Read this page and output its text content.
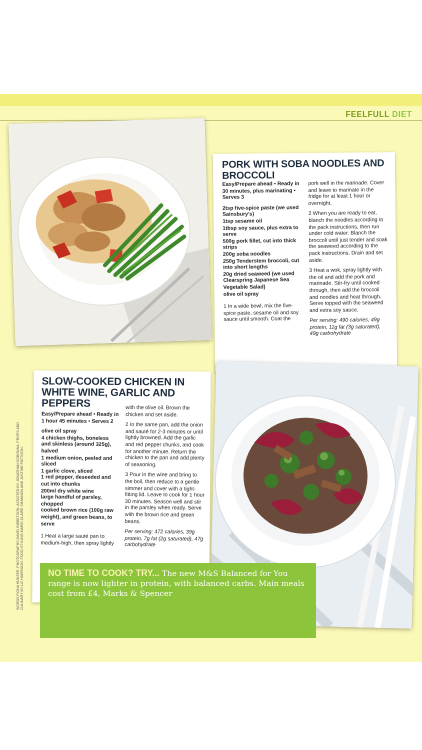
FEELFULL DIET
PORK WITH SOBA NOODLES AND BROCCOLI

Easy/Prepare ahead • Ready in 30 minutes, plus marinating • Serves 3

2tsp five-spice paste (we used Sainsbury's)

1tsp sesame oil

1tbsp soy sauce, plus extra to serve

500g pork fillet, cut into thick strips

200g soba noodles

250g Tenderstem broccoli, cut into short lengths

20g dried seaweed (we used Clearspring Japanese Sea Vegetable Salad)

olive oil spray

1 In a wide bowl, mix the five-spice paste, sesame oil and soy sauce until smooth. Coat the

pork well in the marinade. Cover and leave to marinate in the fridge for at least 1 hour or overnight.

2 When you are ready to eat, blanch the noodles according to the pack instructions, then run under cold water. Blanch the broccoli until just tender and soak the seaweed according to the pack instructions. Drain and set aside.

3 Heat a wok, spray lightly with the oil and add the pork and marinade. Stir-fry until cooked through, then add the broccoli and noodles and heat through. Serve topped with the seaweed and extra soy sauce.

Per serving: 490 calories, 49g protein, 11g fat (3g saturated), 49g carbohydrate

SLOW-COOKED CHICKEN IN WHITE WINE, GARLIC AND PEPPERS

Easy/Prepare ahead • Ready in 1 hour 45 minutes • Serves 2

olive oil spray

4 chicken thighs, boneless and skinless (around 325g), halved

1 medium onion, peeled and sliced

1 garlic clove, sliced

1 red pepper, deseeded and cut into chunks

200ml dry white wine

large handful of parsley, chopped

cooked brown rice (100g raw weight), and green beans, to serve

1 Heat a large sauté pan to medium-high, then spray lightly

with the olive oil. Brown the chicken and set aside.

2 In the same pan, add the onion and sauté for 2-3 minutes or until lightly browned. Add the garlic and red pepper chunks, and cook for another minute. Return the chicken to the pan and add plenty of seasoning.

3 Pour in the wine and bring to the boil, then reduce to a gentle simmer and cover with a tight-fitting lid. Leave to cook for 1 hour 30 minutes. Season well and stir in the parsley when ready. Serve with the brown rice and green beans.

Per serving: 472 calories, 39g protein, 7g fat (2g saturated), 47g carbohydrate

WORDS FIONA HUNTER. PHOTOGRAPHS DAVID GIBBETSON. ASSISTED BY JONATHAN OGBONNA. PROPS AND CULINARY BY LIZ HARRISON. FOOD STYLING MARIE-CLAIRE SHANNON AND JUSTINE PATTISON.	NO TIME TO COOK? TRY... The new M&S Balanced for You range is now lighter in protein, with balanced carbs. Main meals cost from £4, Marks & Spencer
